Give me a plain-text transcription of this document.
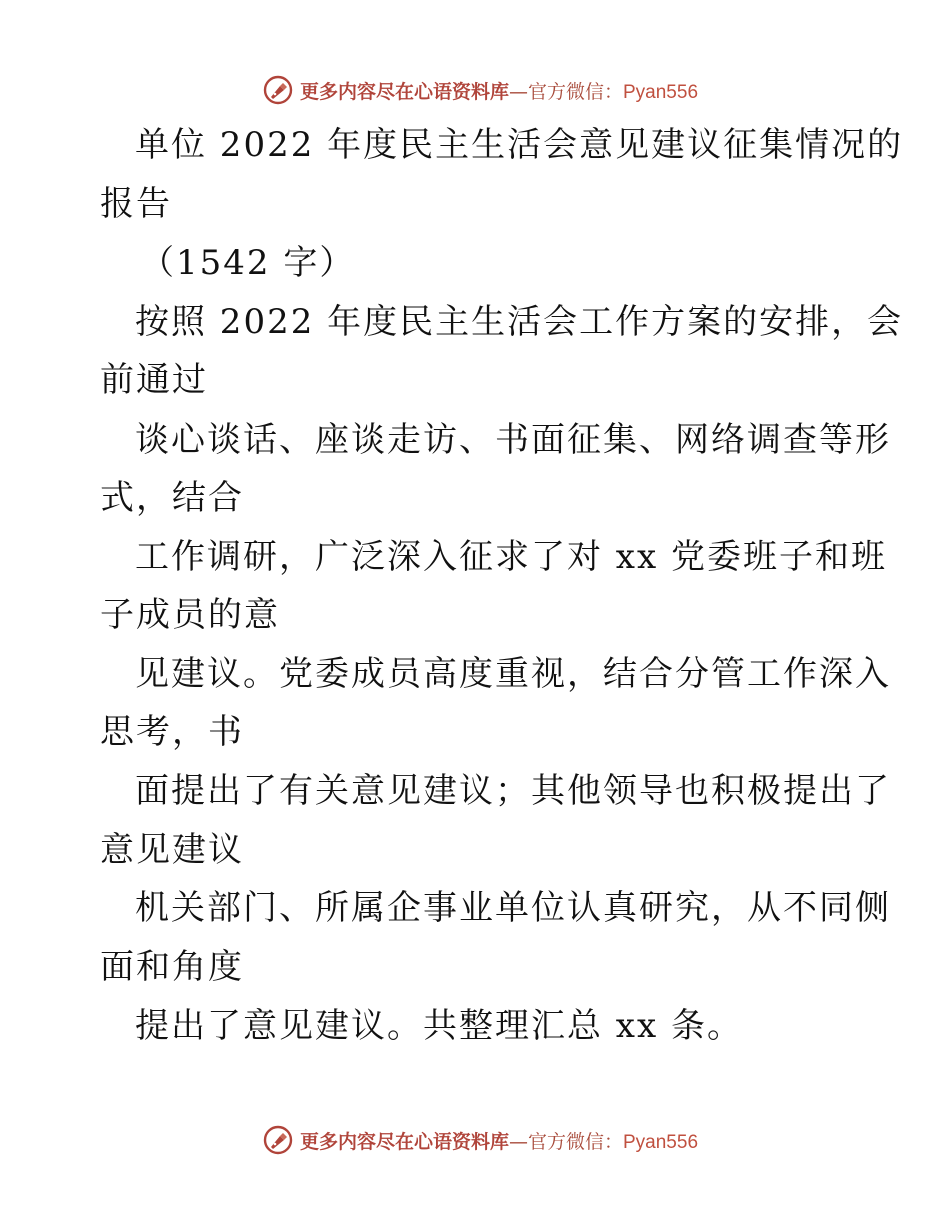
更多内容尽在心语资料库—官方微信：Pyan556
单位 2022 年度民主生活会意见建议征集情况的
报告
（1542 字）
按照 2022 年度民主生活会工作方案的安排，会
前通过
谈心谈话、座谈走访、书面征集、网络调查等形
式，结合
工作调研，广泛深入征求了对 xx 党委班子和班
子成员的意
见建议。党委成员高度重视，结合分管工作深入
思考，书
面提出了有关意见建议；其他领导也积极提出了
意见建议
机关部门、所属企事业单位认真研究，从不同侧
面和角度
提出了意见建议。共整理汇总 xx 条。
更多内容尽在心语资料库—官方微信：Pyan556
